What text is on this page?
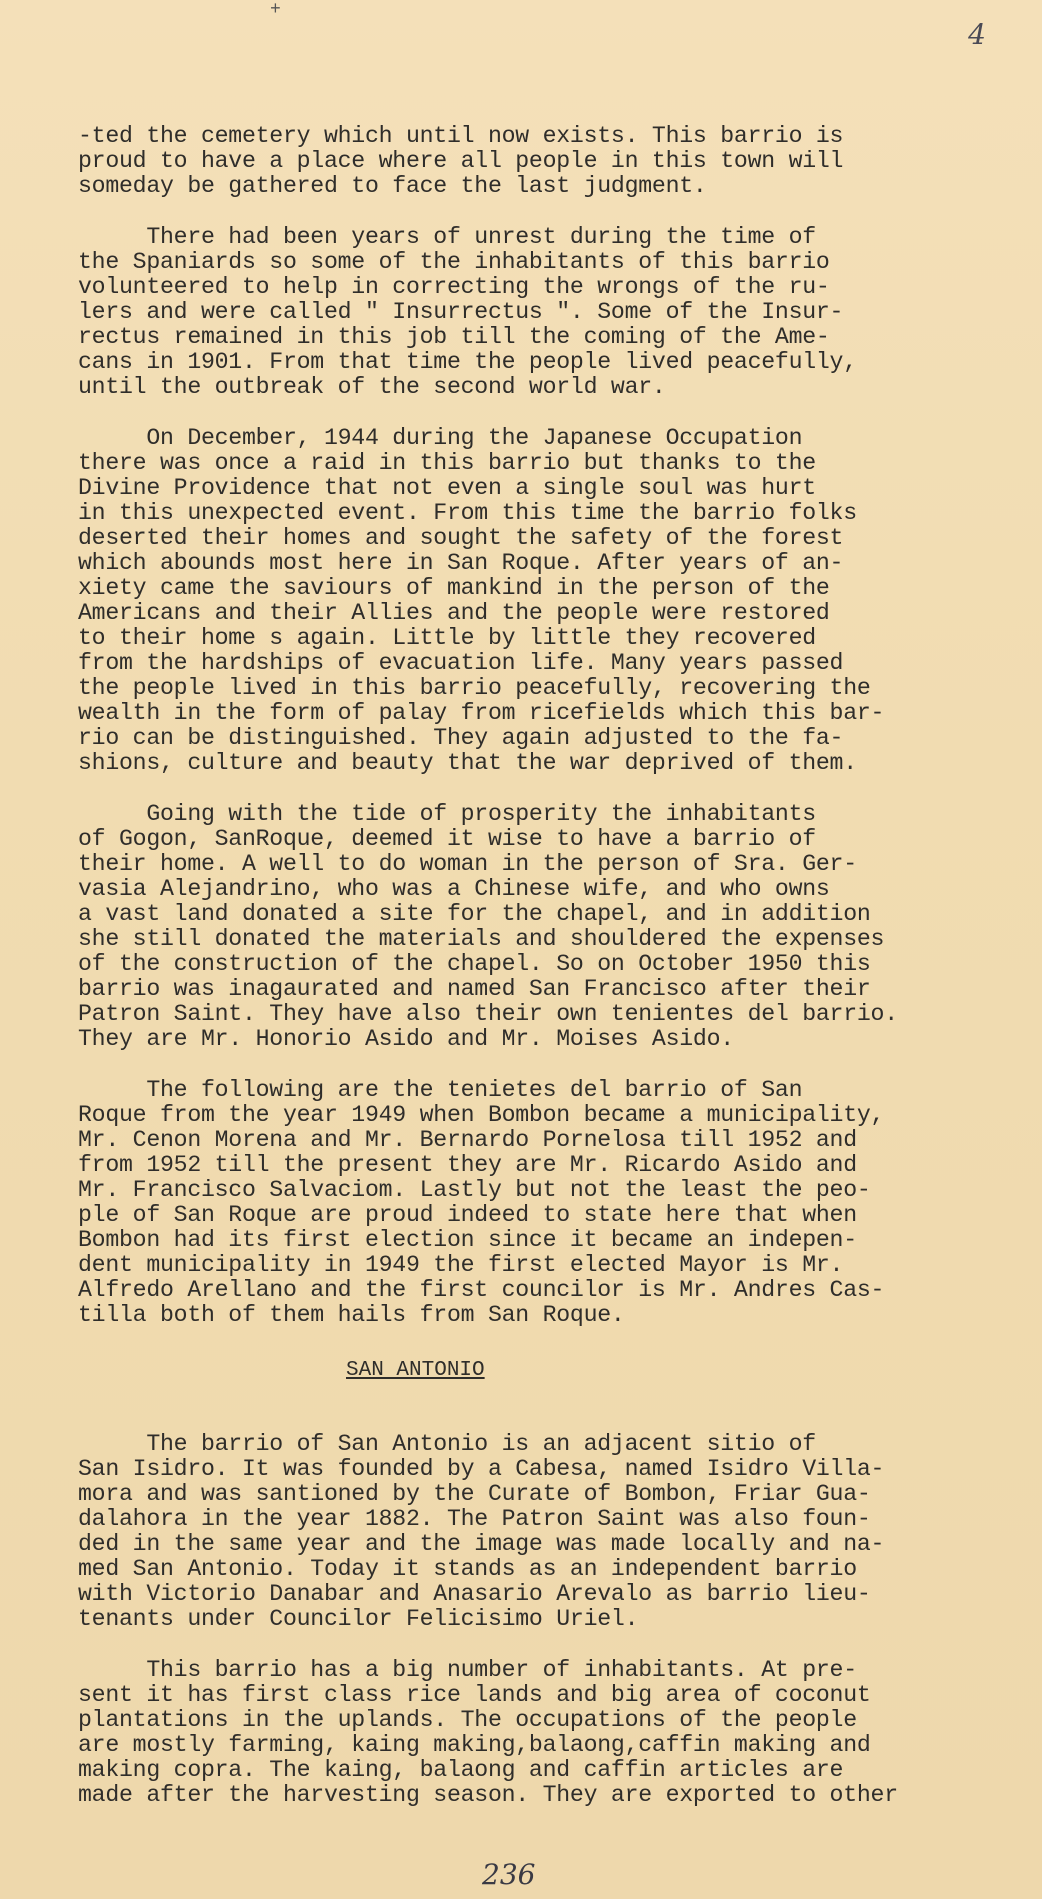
+
4
-ted the cemetery which until now exists. This barrio is
proud to have a place where all people in this town will
someday be gathered to face the last judgment.
There had been years of unrest during the time of
the Spaniards so some of the inhabitants of this barrio
volunteered to help in correcting the wrongs of the ru-
lers and were called " Insurrectus ". Some of the Insur-
rectus remained in this job till the coming of the Ame-
cans in 1901. From that time the people lived peacefully,
until the outbreak of the second world war.
On December, 1944 during the Japanese Occupation
there was once a raid in this barrio but thanks to the
Divine Providence that not even a single soul was hurt
in this unexpected event. From this time the barrio folks
deserted their homes and sought the safety of the forest
which abounds most here in San Roque. After years of an-
xiety came the saviours of mankind in the person of the
Americans and their Allies and the people were restored
to their home s again. Little by little they recovered
from the hardships of evacuation life. Many years passed
the people lived in this barrio peacefully, recovering the
wealth in the form of palay from ricefields which this bar-
rio can be distinguished. They again adjusted to the fa-
shions, culture and beauty that the war deprived of them.
Going with the tide of prosperity the inhabitants
of Gogon, SanRoque, deemed it wise to have a barrio of
their home. A well to do woman in the person of Sra. Ger-
vasia Alejandrino, who was a Chinese wife, and who owns
a vast land donated a site for the chapel, and in addition
she still donated the materials and shouldered the expenses
of the construction of the chapel. So on October 1950 this
barrio was inagaurated and named San Francisco after their
Patron Saint. They have also their own tenientes del barrio.
They are Mr. Honorio Asido and Mr. Moises Asido.
The following are the tenietes del barrio of San
Roque from the year 1949 when Bombon became a municipality,
Mr. Cenon Morena and Mr. Bernardo Pornelosa till 1952 and
from 1952 till the present they are Mr. Ricardo Asido and
Mr. Francisco Salvaciom. Lastly but not the least the peo-
ple of San Roque are proud indeed to state here that when
Bombon had its first election since it became an indepen-
dent municipality in 1949 the first elected Mayor is Mr.
Alfredo Arellano and the first councilor is Mr. Andres Cas-
tilla both of them hails from San Roque.
SAN ANTONIO
The barrio of San Antonio is an adjacent sitio of
San Isidro. It was founded by a Cabesa, named Isidro Villa-
mora and was santioned by the Curate of Bombon, Friar Gua-
dalahora in the year 1882. The Patron Saint was also foun-
ded in the same year and the image was made locally and na-
med San Antonio. Today it stands as an independent barrio
with Victorio Danabar and Anasario Arevalo as barrio lieu-
tenants under Councilor Felicisimo Uriel.
This barrio has a big number of inhabitants. At pre-
sent it has first class rice lands and big area of coconut
plantations in the uplands. The occupations of the people
are mostly farming, kaing making,balaong,caffin making and
making copra. The kaing, balaong and caffin articles are
made after the harvesting season. They are exported to other
236
